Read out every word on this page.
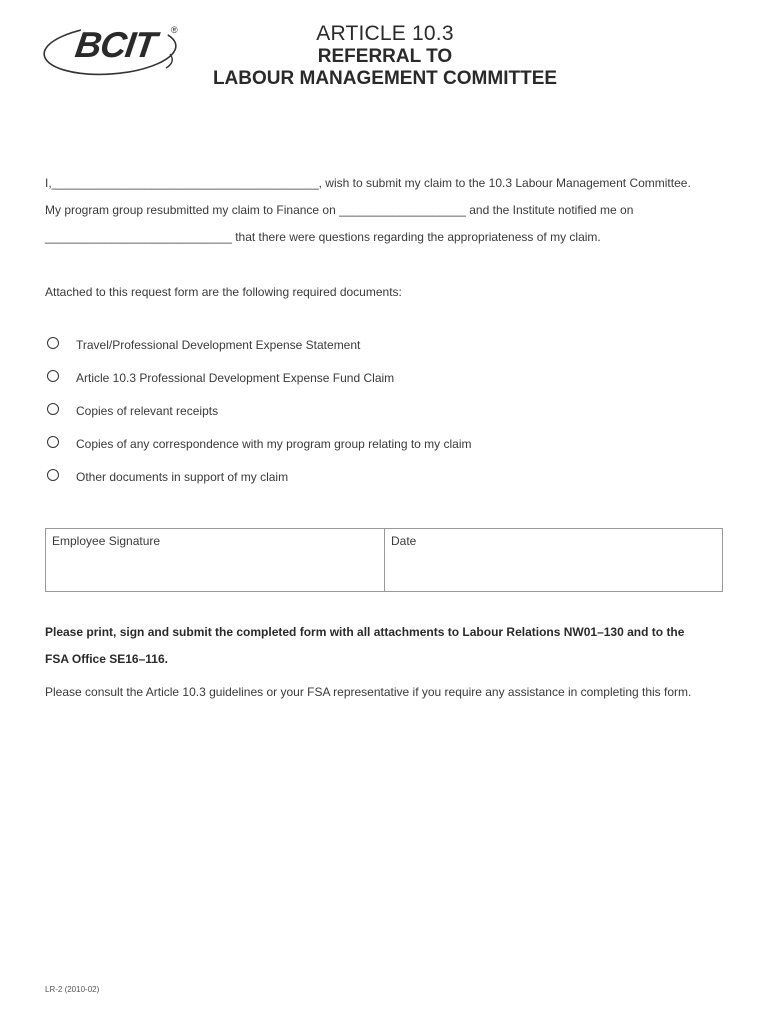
BCIT	®	ARTICLE 10.3
REFERRAL TO
LABOUR MANAGEMENT COMMITTEE
I,________________________________________, wish to submit my claim to the 10.3 Labour Management Committee.
My program group resubmitted my claim to Finance on ___________________ and the Institute notified me on
____________________________ that there were questions regarding the appropriateness of my claim.
Attached to this request form are the following required documents:
Travel/Professional Development Expense Statement
Article 10.3 Professional Development Expense Fund Claim
Copies of relevant receipts
Copies of any correspondence with my program group relating to my claim
Other documents in support of my claim
Employee Signature	Date
Please print, sign and submit the completed form with all attachments to Labour Relations NW01–130 and to the
FSA Office SE16–116.
Please consult the Article 10.3 guidelines or your FSA representative if you require any assistance in completing this form.
LR-2 (2010-02)
